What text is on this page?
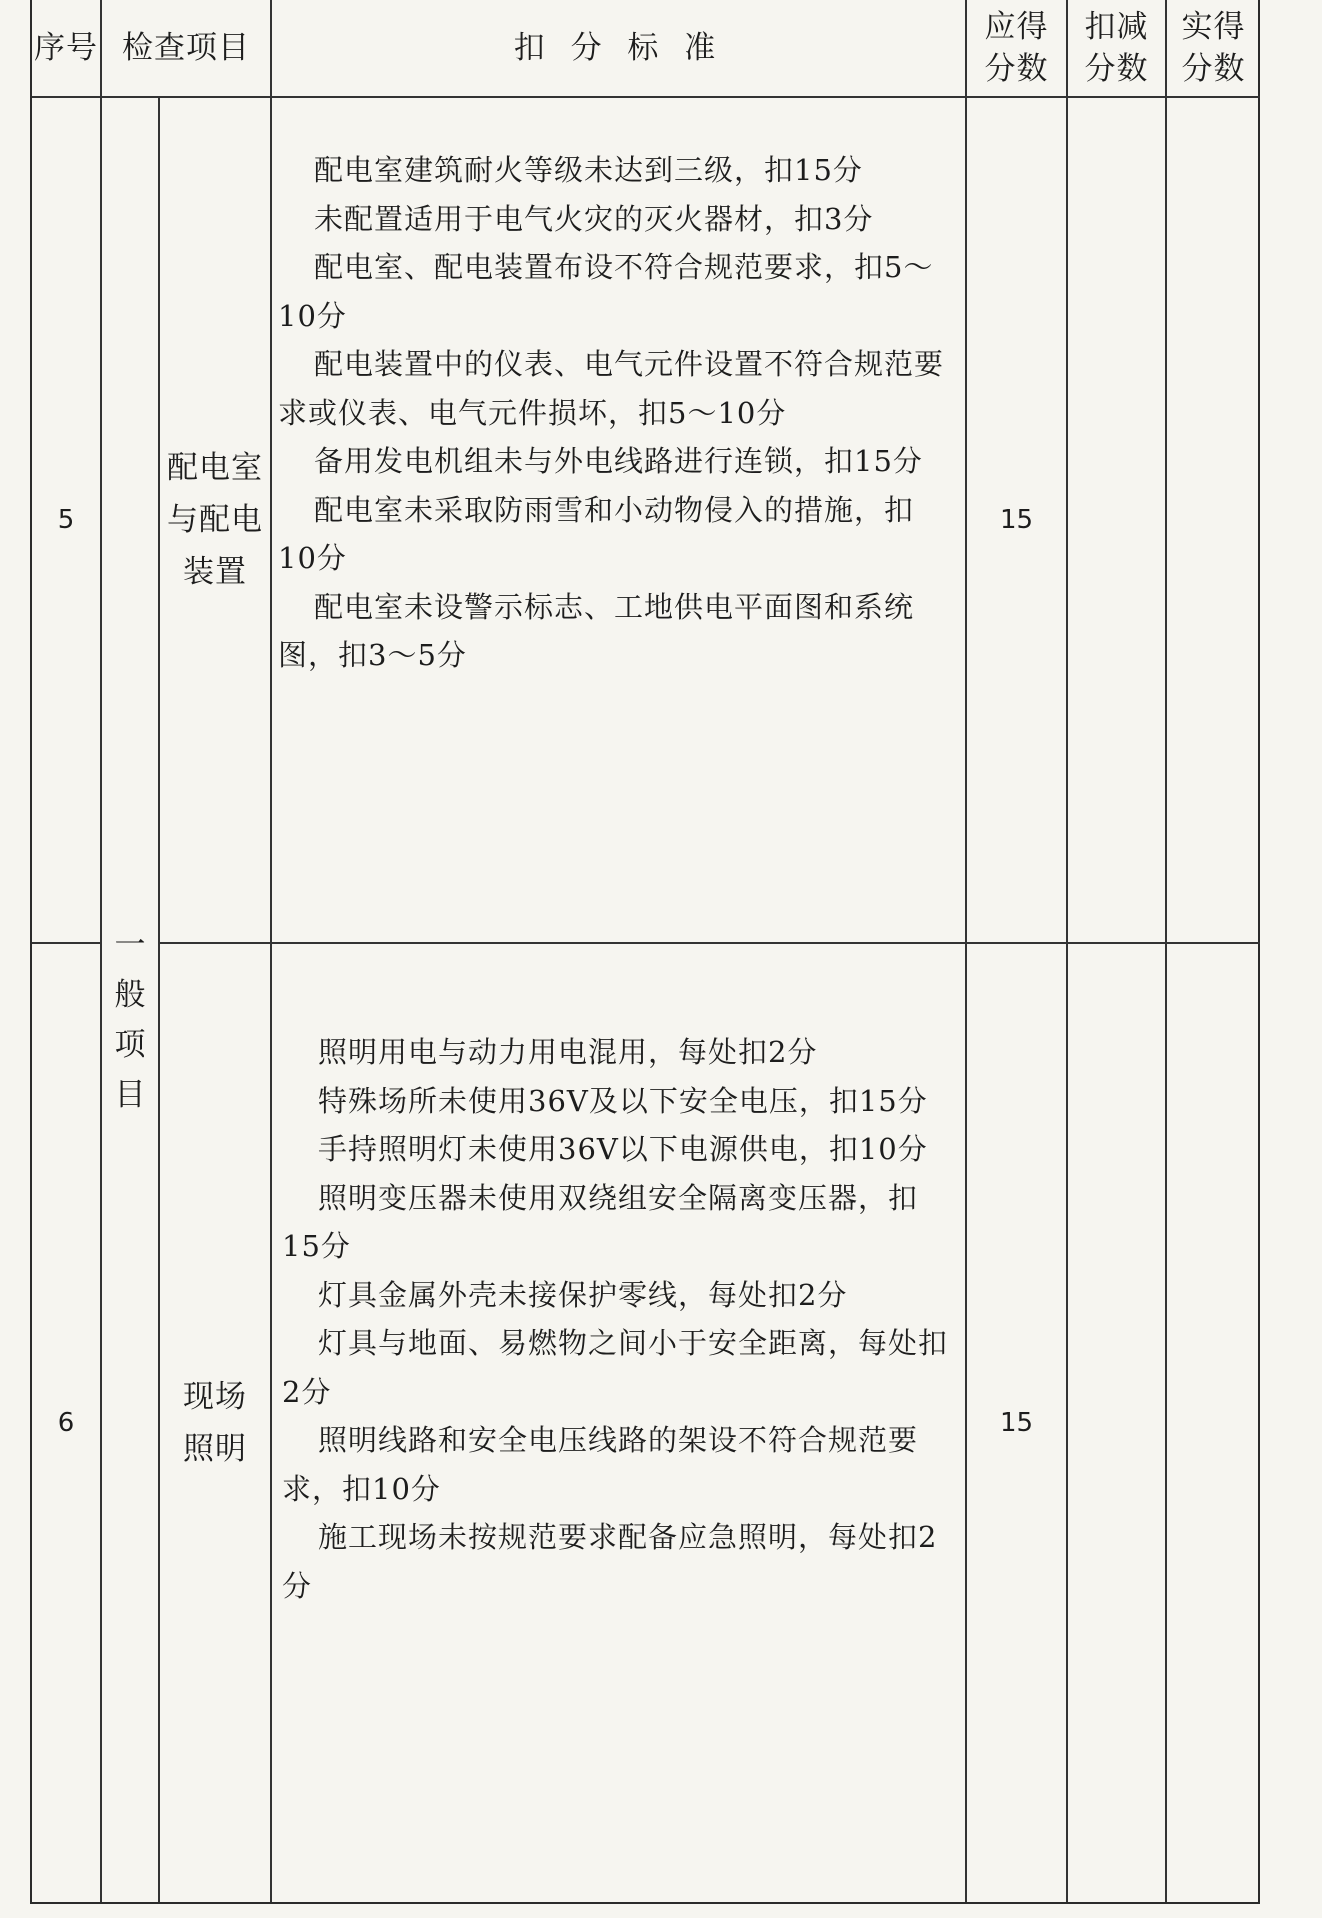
序号 检查项目	扣 分 标 准
应得
分数
扣减
分数
实得
分数
一
般
项
目
5
配电室
与配电
装置

配电室建筑耐火等级未达到三级，扣15分

未配置适用于电气火灾的灭火器材，扣3分

配电室、配电装置布设不符合规范要求，扣5～10分

配电装置中的仪表、电气元件设置不符合规范要求或仪表、电气元件损坏，扣5～10分

备用发电机组未与外电线路进行连锁，扣15分

配电室未采取防雨雪和小动物侵入的措施，扣10分

配电室未设警示标志、工地供电平面图和系统图，扣3～5分

15
6
现场
照明

照明用电与动力用电混用，每处扣2分

特殊场所未使用36V及以下安全电压，扣15分

手持照明灯未使用36V以下电源供电，扣10分

照明变压器未使用双绕组安全隔离变压器，扣15分

灯具金属外壳未接保护零线，每处扣2分

灯具与地面、易燃物之间小于安全距离，每处扣2分

照明线路和安全电压线路的架设不符合规范要求，扣10分

施工现场未按规范要求配备应急照明，每处扣2分

15
